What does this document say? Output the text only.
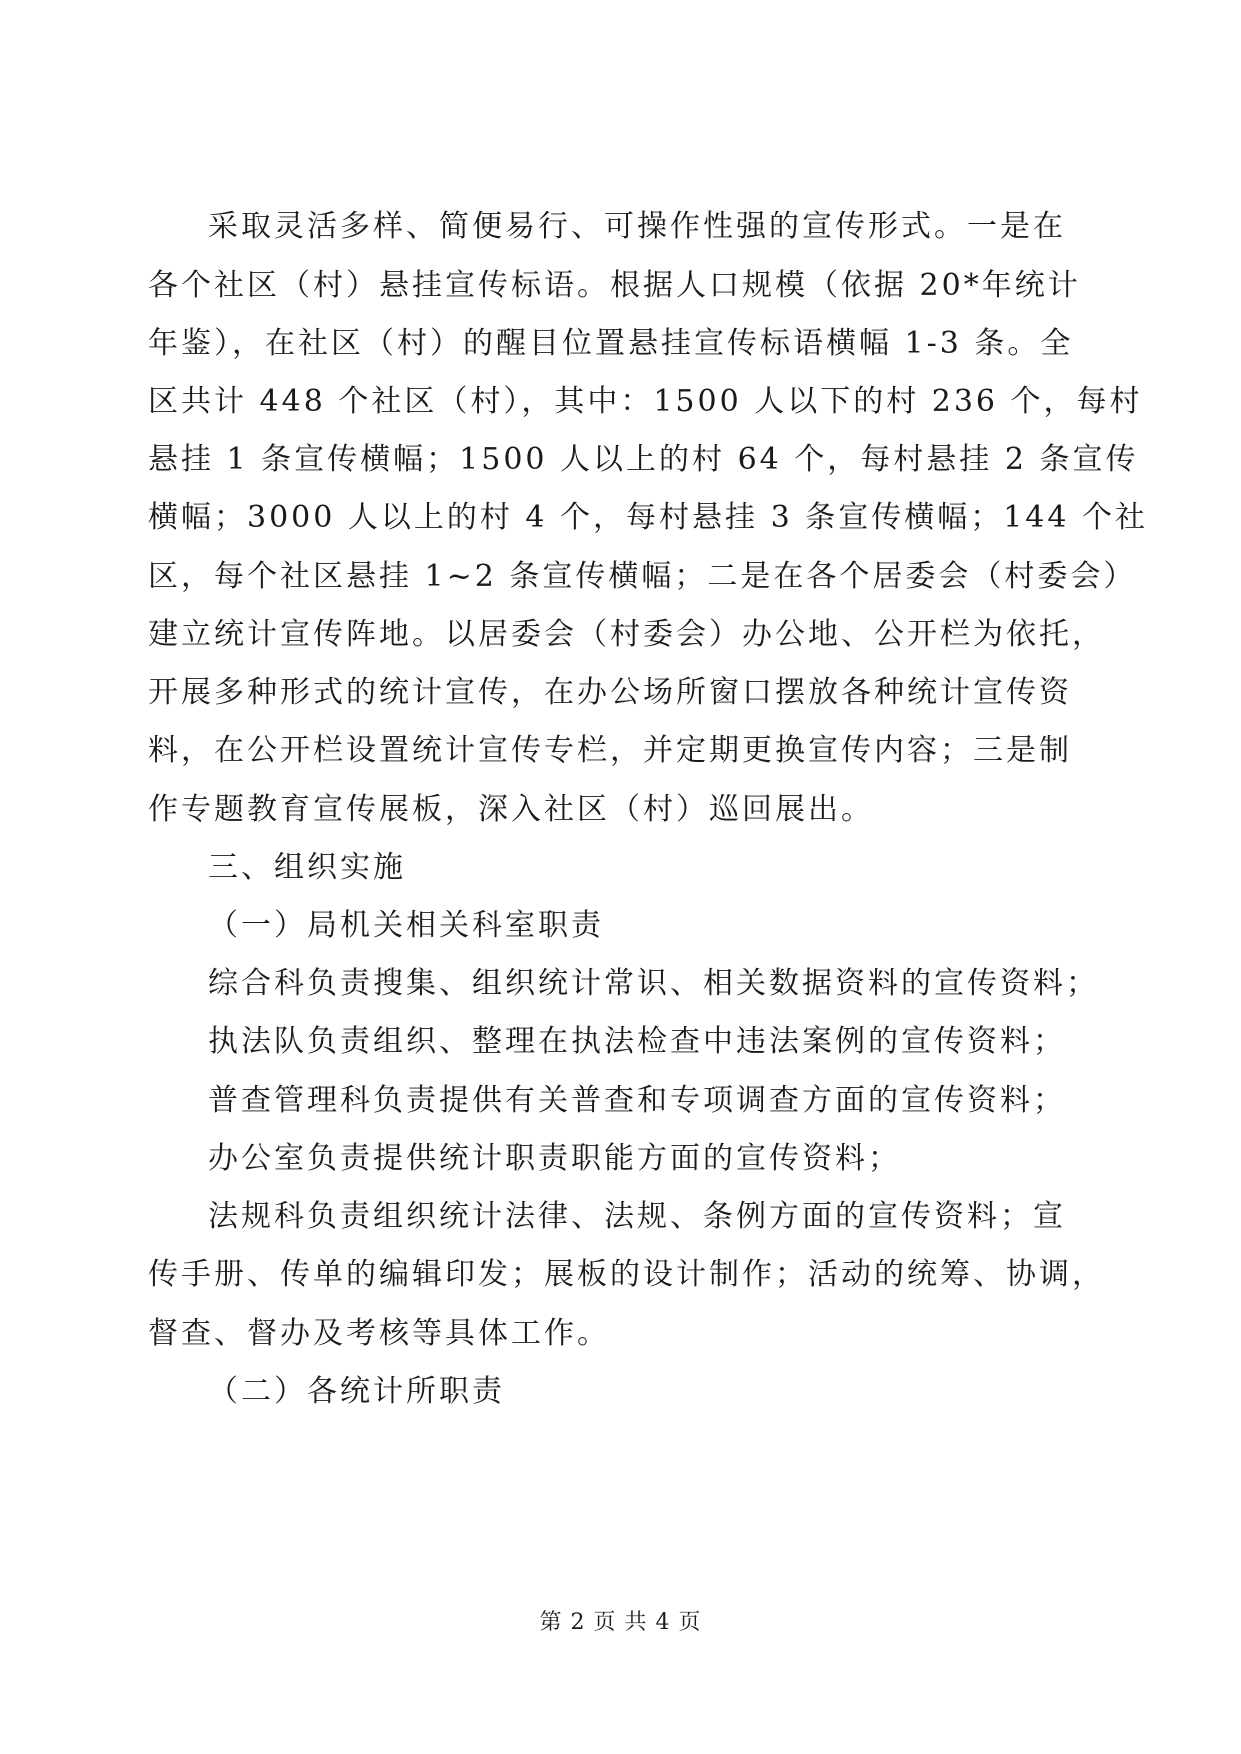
采取灵活多样、简便易行、可操作性强的宣传形式。一是在
各个社区（村）悬挂宣传标语。根据人口规模（依据 20*年统计
年鉴），在社区（村）的醒目位置悬挂宣传标语横幅 1-3 条。全
区共计 448 个社区（村），其中：1500 人以下的村 236 个，每村
悬挂 1 条宣传横幅；1500 人以上的村 64 个，每村悬挂 2 条宣传
横幅；3000 人以上的村 4 个，每村悬挂 3 条宣传横幅；144 个社
区，每个社区悬挂 1~2 条宣传横幅；二是在各个居委会（村委会）
建立统计宣传阵地。以居委会（村委会）办公地、公开栏为依托，
开展多种形式的统计宣传，在办公场所窗口摆放各种统计宣传资
料，在公开栏设置统计宣传专栏，并定期更换宣传内容；三是制
作专题教育宣传展板，深入社区（村）巡回展出。
三、组织实施
（一）局机关相关科室职责
综合科负责搜集、组织统计常识、相关数据资料的宣传资料；
执法队负责组织、整理在执法检查中违法案例的宣传资料；
普查管理科负责提供有关普查和专项调查方面的宣传资料；
办公室负责提供统计职责职能方面的宣传资料；
法规科负责组织统计法律、法规、条例方面的宣传资料；宣
传手册、传单的编辑印发；展板的设计制作；活动的统筹、协调，
督查、督办及考核等具体工作。
（二）各统计所职责
第 2 页 共 4 页
